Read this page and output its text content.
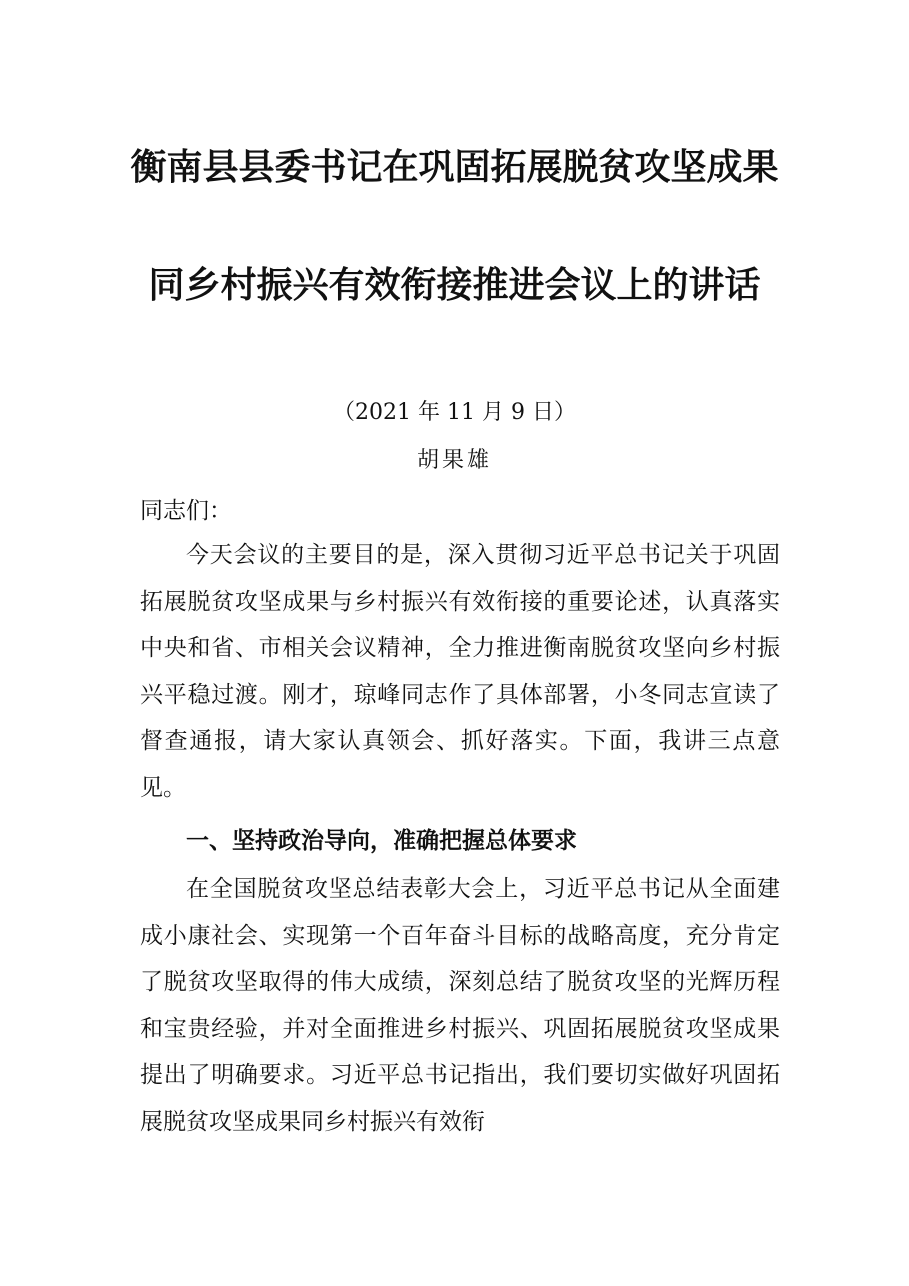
衡南县县委书记在巩固拓展脱贫攻坚成果
同乡村振兴有效衔接推进会议上的讲话
（2021 年 11 月 9 日）
胡果雄
同志们：

今天会议的主要目的是，深入贯彻习近平总书记关于巩固拓展脱贫攻坚成果与乡村振兴有效衔接的重要论述，认真落实中央和省、市相关会议精神，全力推进衡南脱贫攻坚向乡村振兴平稳过渡。刚才，琼峰同志作了具体部署，小冬同志宣读了督查通报，请大家认真领会、抓好落实。下面，我讲三点意见。

一、坚持政治导向，准确把握总体要求

在全国脱贫攻坚总结表彰大会上，习近平总书记从全面建成小康社会、实现第一个百年奋斗目标的战略高度，充分肯定了脱贫攻坚取得的伟大成绩，深刻总结了脱贫攻坚的光辉历程和宝贵经验，并对全面推进乡村振兴、巩固拓展脱贫攻坚成果提出了明确要求。习近平总书记指出，我们要切实做好巩固拓展脱贫攻坚成果同乡村振兴有效衔
